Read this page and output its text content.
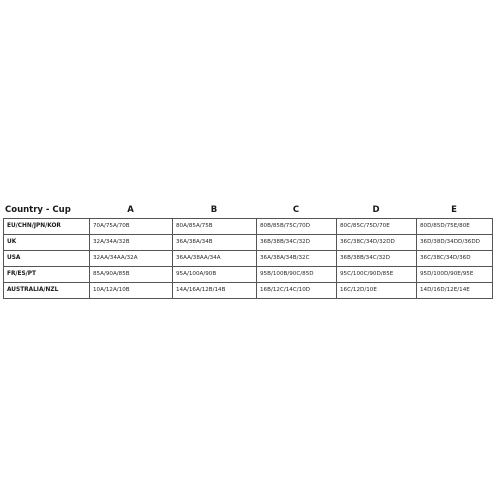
Country - Cup	A	B	C	D	E
EU/CHN/JPN/KOR	70A/75A/70B	80A/85A/75B	80B/85B/75C/70D	80C/85C/75D/70E	80D/85D/75E/80E
UK	32A/34A/32B	36A/38A/34B	36B/38B/34C/32D	36C/38C/34D/32DD	36D/38D/34DD/36DD
USA	32AA/34AA/32A	36AA/38AA/34A	36A/38A/34B/32C	36B/38B/34C/32D	36C/38C/34D/36D
FR/ES/PT	85A/90A/85B	95A/100A/90B	95B/100B/90C/85D	95C/100C/90D/85E	95D/100D/90E/95E
AUSTRALIA/NZL	10A/12A/10B	14A/16A/12B/14B	16B/12C/14C/10D	16C/12D/10E	14D/16D/12E/14E
